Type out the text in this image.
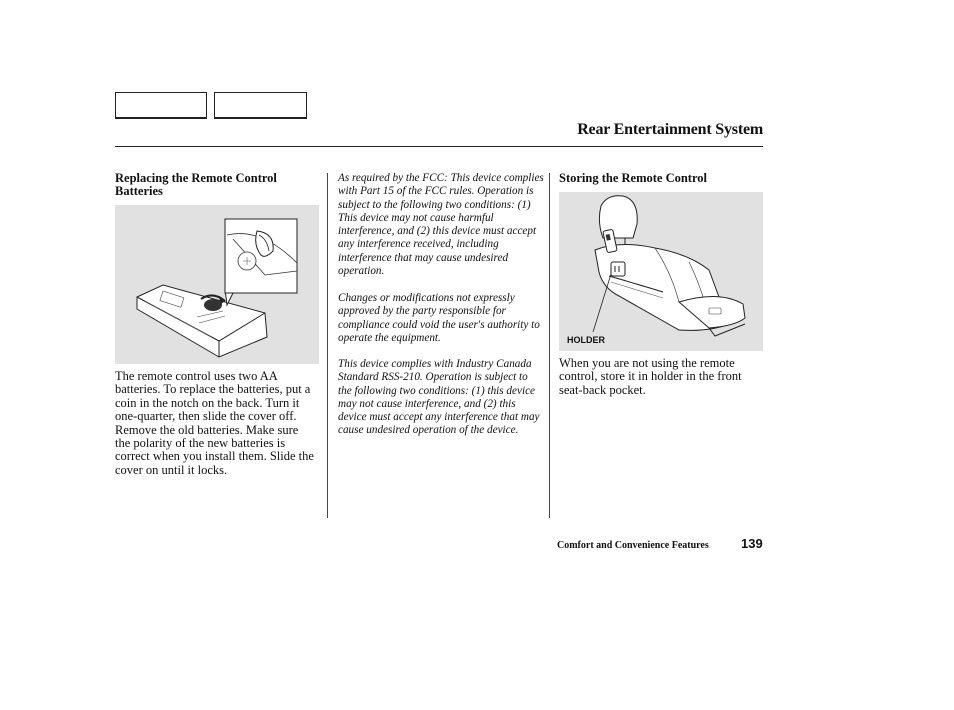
Rear Entertainment System
Replacing the Remote Control Batteries
The remote control uses two AA batteries. To replace the batteries, put a coin in the notch on the back. Turn it one-quarter, then slide the cover off. Remove the old batteries. Make sure the polarity of the new batteries is correct when you install them. Slide the cover on until it locks.
As required by the FCC: This device complies with Part 15 of the FCC rules. Operation is subject to the following two conditions: (1) This device may not cause harmful interference, and (2) this device must accept any interference received, including interference that may cause undesired operation.
Changes or modifications not expressly approved by the party responsible for compliance could void the user's authority to operate the equipment.
This device complies with Industry Canada Standard RSS-210. Operation is subject to the following two conditions: (1) this device may not cause interference, and (2) this device must accept any interference that may cause undesired operation of the device.
Storing the Remote Control
HOLDER
When you are not using the remote control, store it in holder in the front seat-back pocket.
Comfort and Convenience Features 139
